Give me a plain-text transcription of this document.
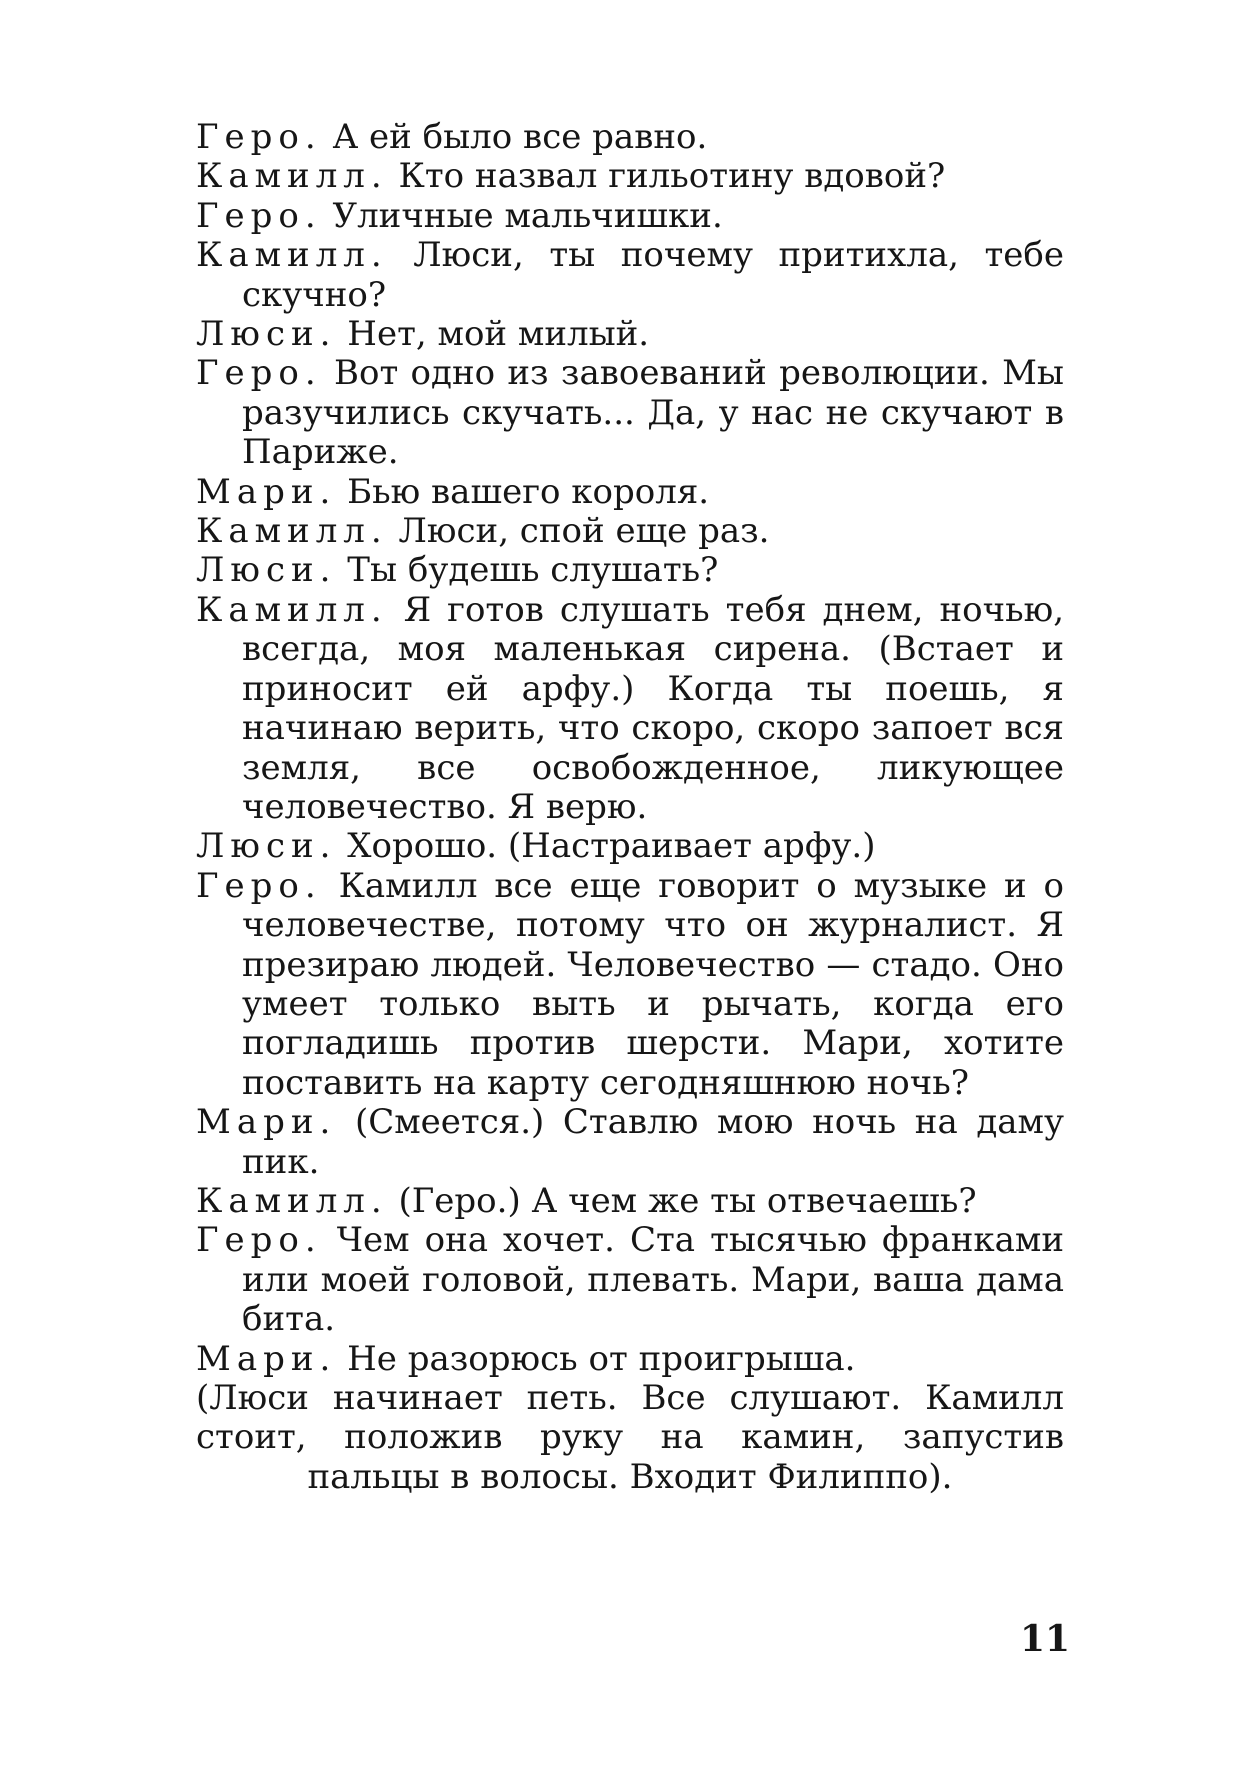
Геро. А ей было все равно.

Камилл. Кто назвал гильотину вдовой?

Геро. Уличные мальчишки.

Камилл. Люси, ты почему притихла, тебе скучно?

Люси. Нет, мой милый.

Геро. Вот одно из завоеваний революции. Мы разучились скучать... Да, у нас не скучают в Париже.

Мари. Бью вашего короля.

Камилл. Люси, спой еще раз.

Люси. Ты будешь слушать?

Камилл. Я готов слушать тебя днем, ночью, всегда, моя маленькая сирена. (Встает и приносит ей арфу.) Когда ты поешь, я начинаю верить, что скоро, скоро запоет вся земля, все освобожденное, ликующее человечество. Я верю.

Люси. Хорошо. (Настраивает арфу.)

Геро. Камилл все еще говорит о музыке и о человечестве, потому что он журналист. Я презираю людей. Человечество — стадо. Оно умеет только выть и рычать, когда его погладишь против шерсти. Мари, хотите поставить на карту сегодняшнюю ночь?

Мари. (Смеется.) Ставлю мою ночь на даму пик.

Камилл. (Геро.) А чем же ты отвечаешь?

Геро. Чем она хочет. Ста тысячью франками или моей головой, плевать. Мари, ваша дама бита.

Мари. Не разорюсь от проигрыша.

(Люси начинает петь. Все слушают. Камилл стоит, положив руку на камин, запустив пальцы в волосы. Входит Филиппо).

11
